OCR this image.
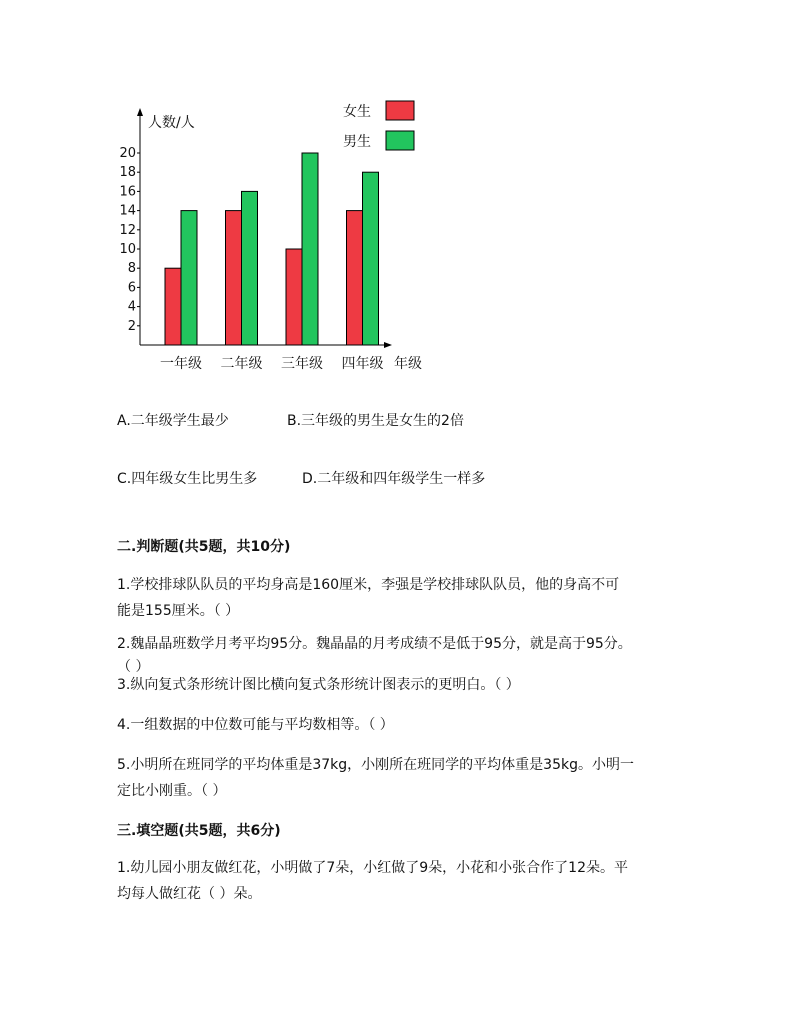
人数/人
年级
2
4
6
8
10
12
14
16
18
20
一年级 二年级 三年级 四年级
女生
男生
A.二年级学生最少	B.三年级的男生是女生的2倍
C.四年级女生比男生多	D.二年级和四年级学生一样多
二.判断题(共5题，共10分)
1.学校排球队队员的平均身高是160厘米，李强是学校排球队队员，他的身高不可
能是155厘米。（ ）
2.魏晶晶班数学月考平均95分。魏晶晶的月考成绩不是低于95分，就是高于95分。
（ ）
3.纵向复式条形统计图比横向复式条形统计图表示的更明白。（ ）
4.一组数据的中位数可能与平均数相等。（ ）
5.小明所在班同学的平均体重是37kg，小刚所在班同学的平均体重是35kg。小明一
定比小刚重。（ ）
三.填空题(共5题，共6分)
1.幼儿园小朋友做红花，小明做了7朵，小红做了9朵，小花和小张合作了12朵。平
均每人做红花（ ）朵。
